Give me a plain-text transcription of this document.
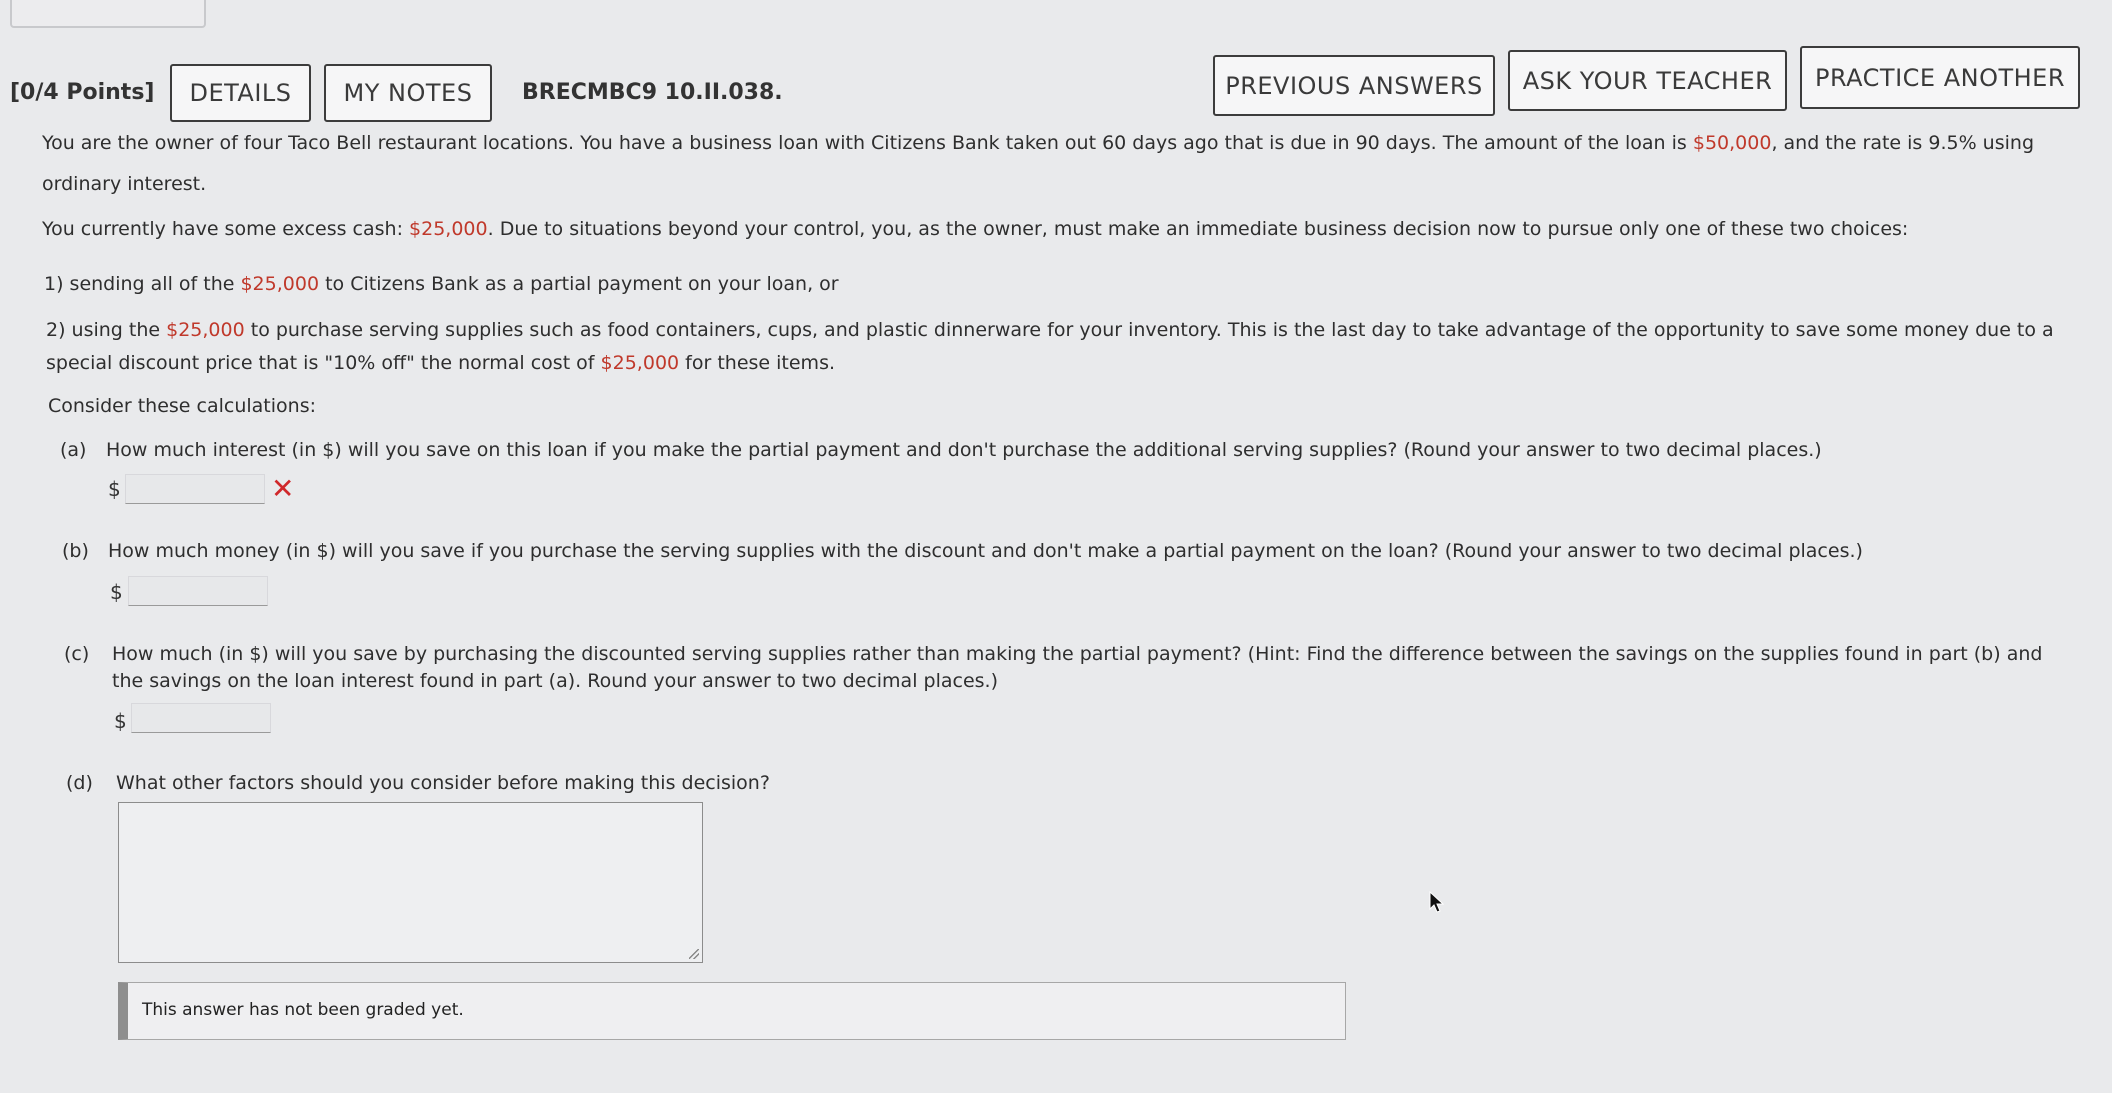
[0/4 Points]	DETAILS	MY NOTES	BRECMBC9 10.II.038.	PREVIOUS ANSWERS	ASK YOUR TEACHER	PRACTICE ANOTHER
You are the owner of four Taco Bell restaurant locations. You have a business loan with Citizens Bank taken out 60 days ago that is due in 90 days. The amount of the loan is $50,000, and the rate is 9.5% using
ordinary interest.
You currently have some excess cash: $25,000. Due to situations beyond your control, you, as the owner, must make an immediate business decision now to pursue only one of these two choices:
1) sending all of the $25,000 to Citizens Bank as a partial payment on your loan, or
2) using the $25,000 to purchase serving supplies such as food containers, cups, and plastic dinnerware for your inventory. This is the last day to take advantage of the opportunity to save some money due to a
special discount price that is "10% off" the normal cost of $25,000 for these items.
Consider these calculations:
(a) How much interest (in $) will you save on this loan if you make the partial payment and don't purchase the additional serving supplies? (Round your answer to two decimal places.)
$	✕
(b) How much money (in $) will you save if you purchase the serving supplies with the discount and don't make a partial payment on the loan? (Round your answer to two decimal places.)
$
(c) How much (in $) will you save by purchasing the discounted serving supplies rather than making the partial payment? (Hint: Find the difference between the savings on the supplies found in part (b) and
the savings on the loan interest found in part (a). Round your answer to two decimal places.)
$
(d) What other factors should you consider before making this decision?
This answer has not been graded yet.
